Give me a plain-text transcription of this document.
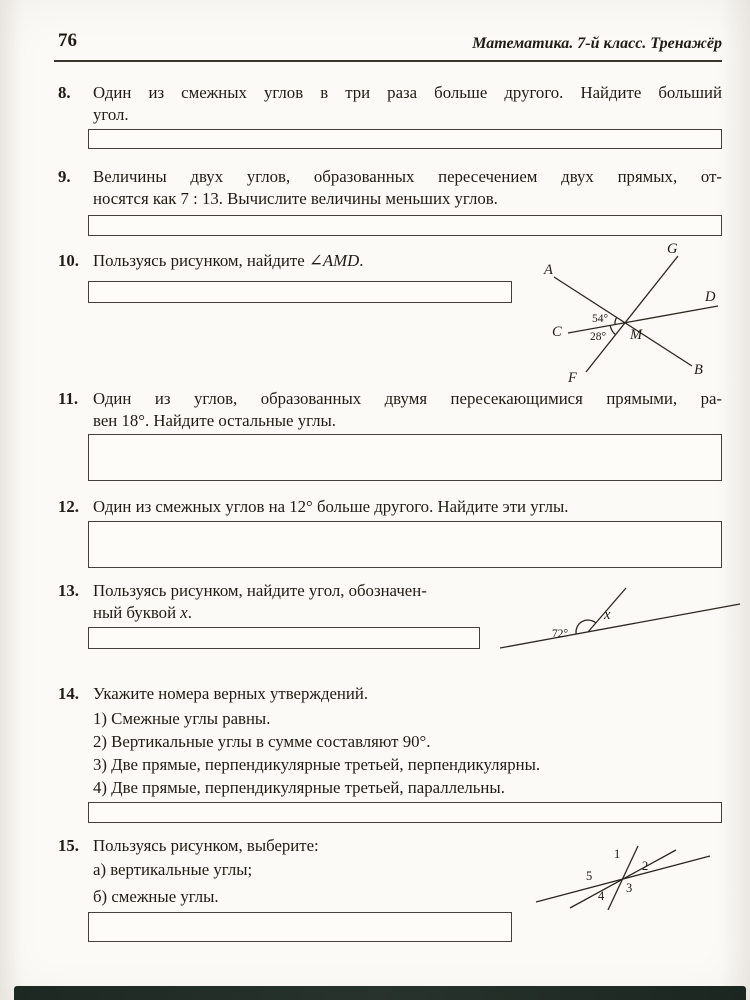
76	Математика. 7-й класс. Тренажёр
8.	Один из смежных углов в три раза больше другого. Найдите больший
угол.
9.	Величины двух углов, образованных пересечением двух прямых, от-
носятся как 7 : 13. Вычислите величины меньших углов.
10. Пользуясь рисунком, найдите ∠AMD.	A
G
D
C	M
B
F
54°
28°
11. Один из углов, образованных двумя пересекающимися прямыми, ра-
вен 18°. Найдите остальные углы.
12. Один из смежных углов на 12° больше другого. Найдите эти углы.
13. Пользуясь рисунком, найдите угол, обозначен-
ный буквой x.
72°
x
14. Укажите номера верных утверждений.
1) Смежные углы равны.
2) Вертикальные углы в сумме составляют 90°.
3) Две прямые, перпендикулярные третьей, перпендикулярны.
4) Две прямые, перпендикулярные третьей, параллельны.
15. Пользуясь рисунком, выберите:
а) вертикальные углы;
б) смежные углы.
1
2
3
4
5
